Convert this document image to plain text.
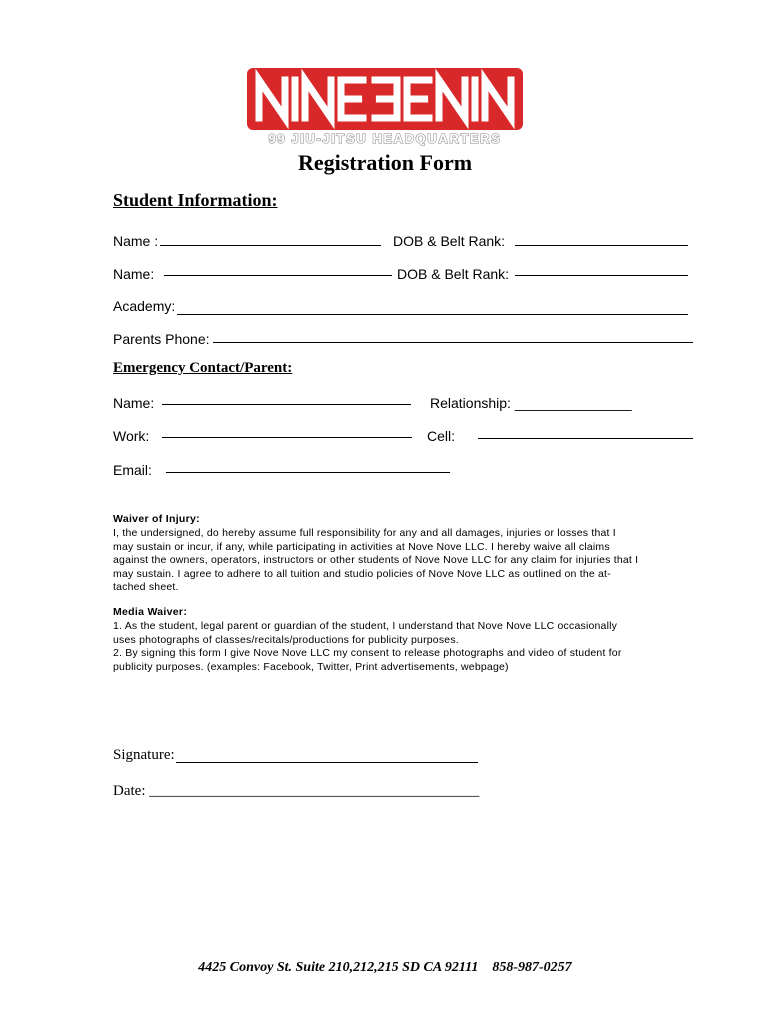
99 JIU-JITSU HEADQUARTERS
Registration Form
Student Information:
Name :	DOB & Belt Rank:
Name:	DOB & Belt Rank:
Academy:
Parents Phone:
Emergency Contact/Parent:
Name:	Relationship: _______________
Work:	Cell:
Email:
Waiver of Injury:
I, the undersigned, do hereby assume full responsibility for any and all damages, injuries or losses that I
may sustain or incur, if any, while participating in activities at Nove Nove LLC. I hereby waive all claims
against the owners, operators, instructors or other students of Nove Nove LLC for any claim for injuries that I
may sustain. I agree to adhere to all tuition and studio policies of Nove Nove LLC as outlined on the at-
tached sheet.
Media Waiver:
1. As the student, legal parent or guardian of the student, I understand that Nove Nove LLC occasionally
uses photographs of classes/recitals/productions for publicity purposes.
2. By signing this form I give Nove Nove LLC my consent to release photographs and video of student for
publicity purposes. (examples: Facebook, Twitter, Print advertisements, webpage)
Signature:
Date: ____________________________________________
4425 Convoy St. Suite 210,212,215 SD CA 92111 858-987-0257
